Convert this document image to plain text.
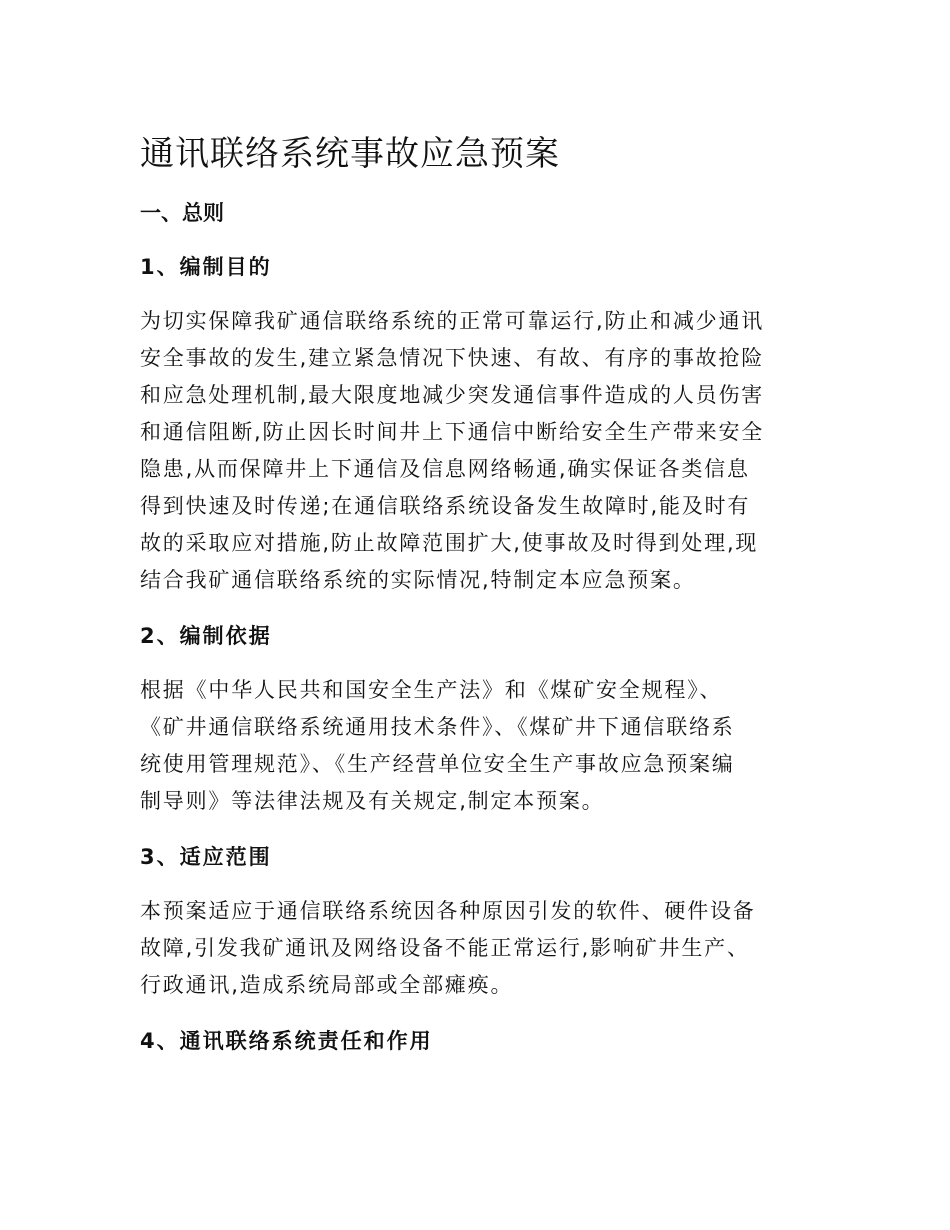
通讯联络系统事故应急预案
一、总则
1、编制目的
为切实保障我矿通信联络系统的正常可靠运行,防止和减少通讯
安全事故的发生,建立紧急情况下快速、有故、有序的事故抢险
和应急处理机制,最大限度地减少突发通信事件造成的人员伤害
和通信阻断,防止因长时间井上下通信中断给安全生产带来安全
隐患,从而保障井上下通信及信息网络畅通,确实保证各类信息
得到快速及时传递;在通信联络系统设备发生故障时,能及时有
故的采取应对措施,防止故障范围扩大,使事故及时得到处理,现
结合我矿通信联络系统的实际情况,特制定本应急预案。
2、编制依据
根据《中华人民共和国安全生产法》和《煤矿安全规程》、
《矿井通信联络系统通用技术条件》、《煤矿井下通信联络系
统使用管理规范》、《生产经营单位安全生产事故应急预案编
制导则》等法律法规及有关规定,制定本预案。
3、适应范围
本预案适应于通信联络系统因各种原因引发的软件、硬件设备
故障,引发我矿通讯及网络设备不能正常运行,影响矿井生产、
行政通讯,造成系统局部或全部瘫痪。
4、通讯联络系统责任和作用
